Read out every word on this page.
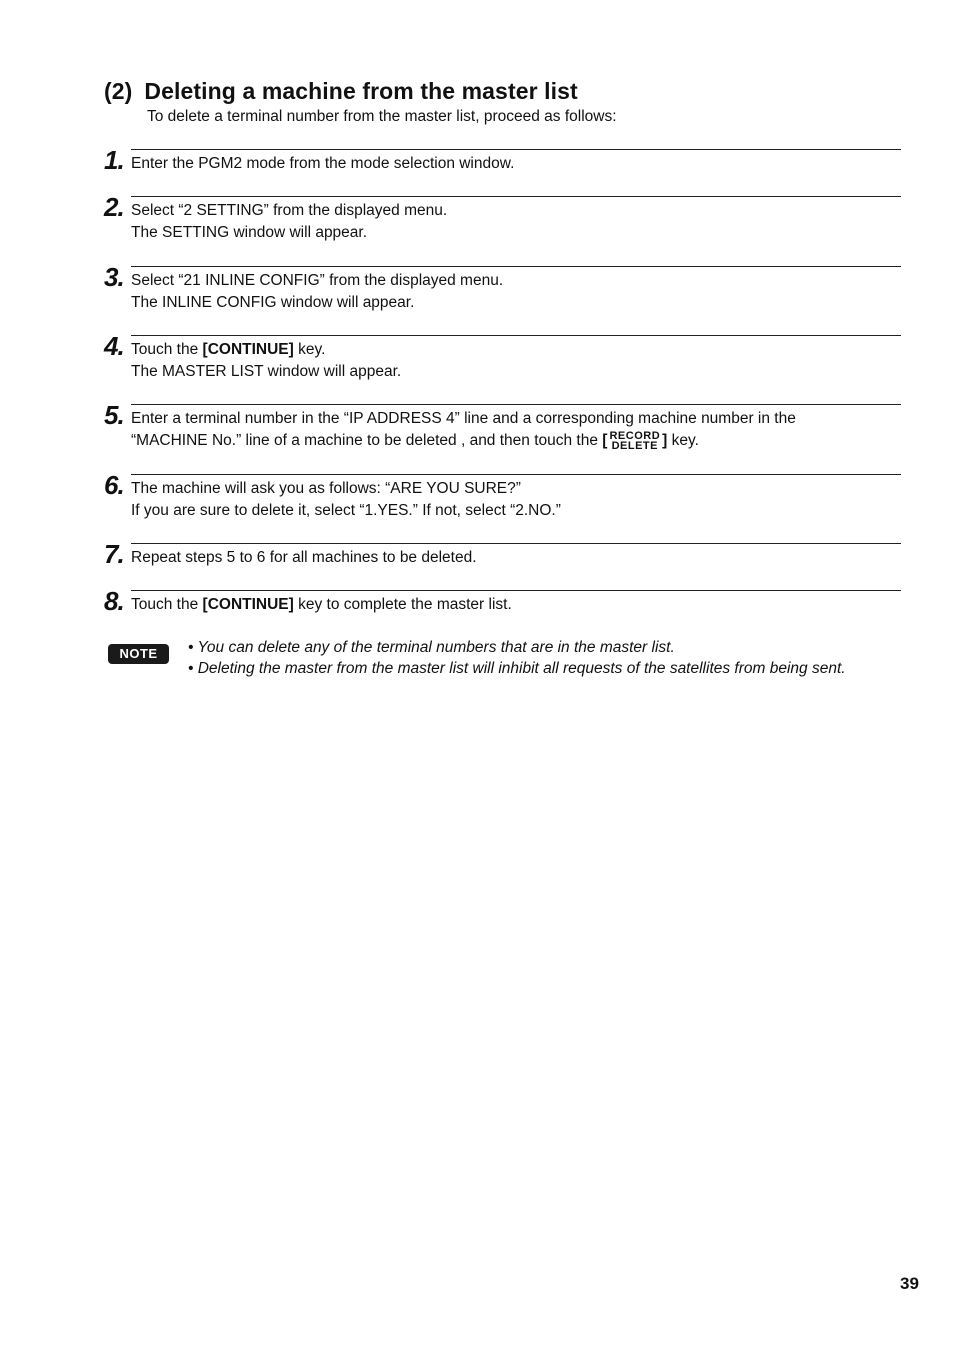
(2) Deleting a machine from the master list
To delete a terminal number from the master list, proceed as follows:
1. Enter the PGM2 mode from the mode selection window.
2. Select “2 SETTING” from the displayed menu.
The SETTING window will appear.
3. Select “21 INLINE CONFIG” from the displayed menu.
The INLINE CONFIG window will appear.
4. Touch the [CONTINUE] key.
The MASTER LIST window will appear.
5. Enter a terminal number in the “IP ADDRESS 4” line and a corresponding machine number in the
“MACHINE No.” line of a machine to be deleted , and then touch the [ RECORD
DELETE ] key.
6. The machine will ask you as follows: “ARE YOU SURE?”
If you are sure to delete it, select “1.YES.” If not, select “2.NO.”
7. Repeat steps 5 to 6 for all machines to be deleted.
8. Touch the [CONTINUE] key to complete the master list.
NOTE	• You can delete any of the terminal numbers that are in the master list.
• Deleting the master from the master list will inhibit all requests of the satellites from being sent.
39
